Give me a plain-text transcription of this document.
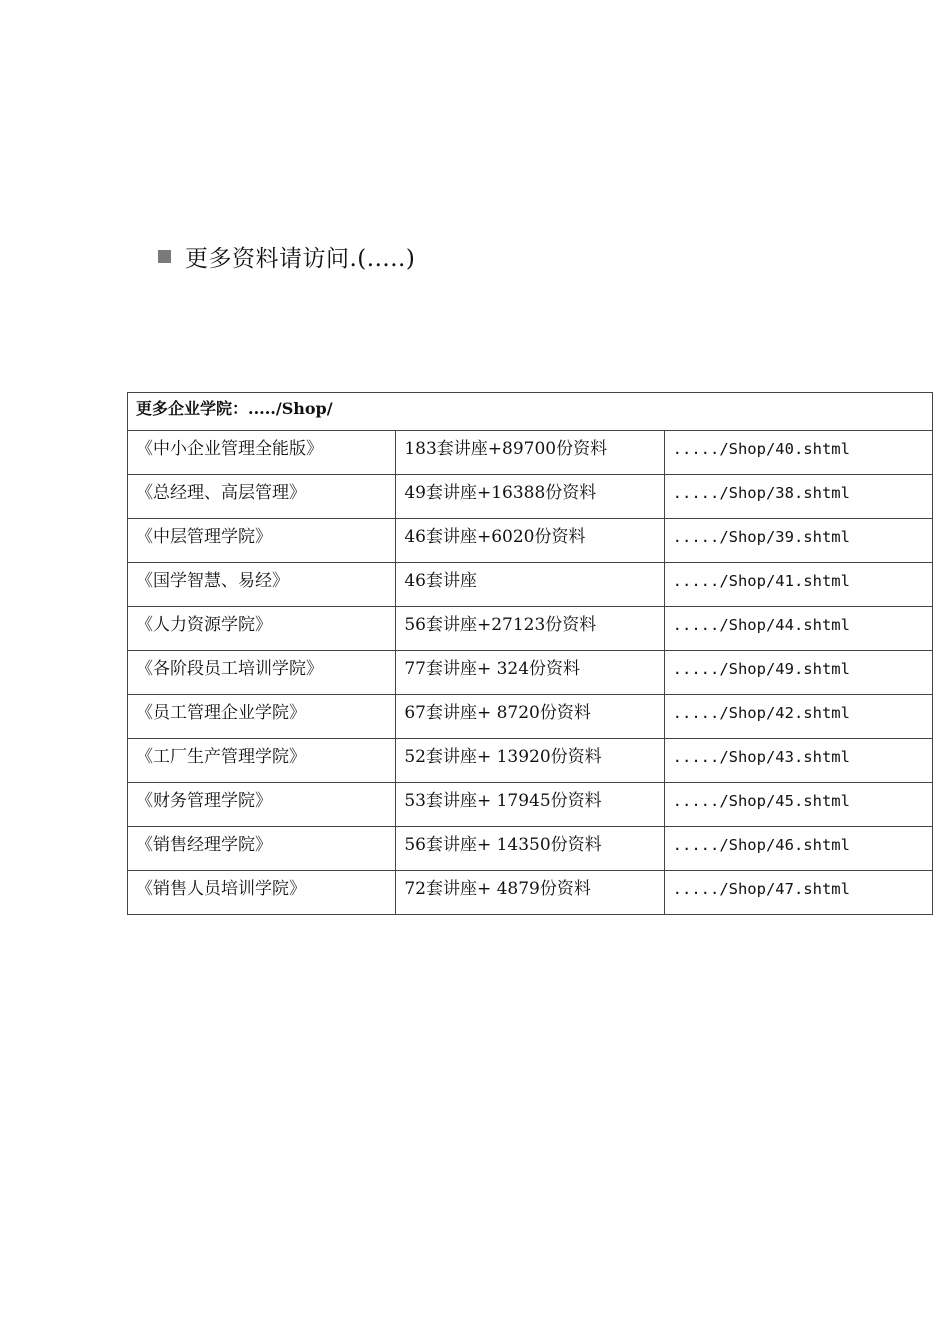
更多资料请访问.(.....)
更多企业学院：...../Shop/		

《中小企业管理全能版》	183套讲座+89700份资料	...../Shop/40.shtml

《总经理、高层管理》	49套讲座+16388份资料	...../Shop/38.shtml

《中层管理学院》	46套讲座+6020份资料	...../Shop/39.shtml

《国学智慧、易经》	46套讲座	...../Shop/41.shtml

《人力资源学院》	56套讲座+27123份资料	...../Shop/44.shtml

《各阶段员工培训学院》	77套讲座+ 324份资料	...../Shop/49.shtml

《员工管理企业学院》	67套讲座+ 8720份资料	...../Shop/42.shtml

《工厂生产管理学院》	52套讲座+ 13920份资料	...../Shop/43.shtml

《财务管理学院》	53套讲座+ 17945份资料	...../Shop/45.shtml

《销售经理学院》	56套讲座+ 14350份资料	...../Shop/46.shtml

《销售人员培训学院》	72套讲座+ 4879份资料	...../Shop/47.shtml
